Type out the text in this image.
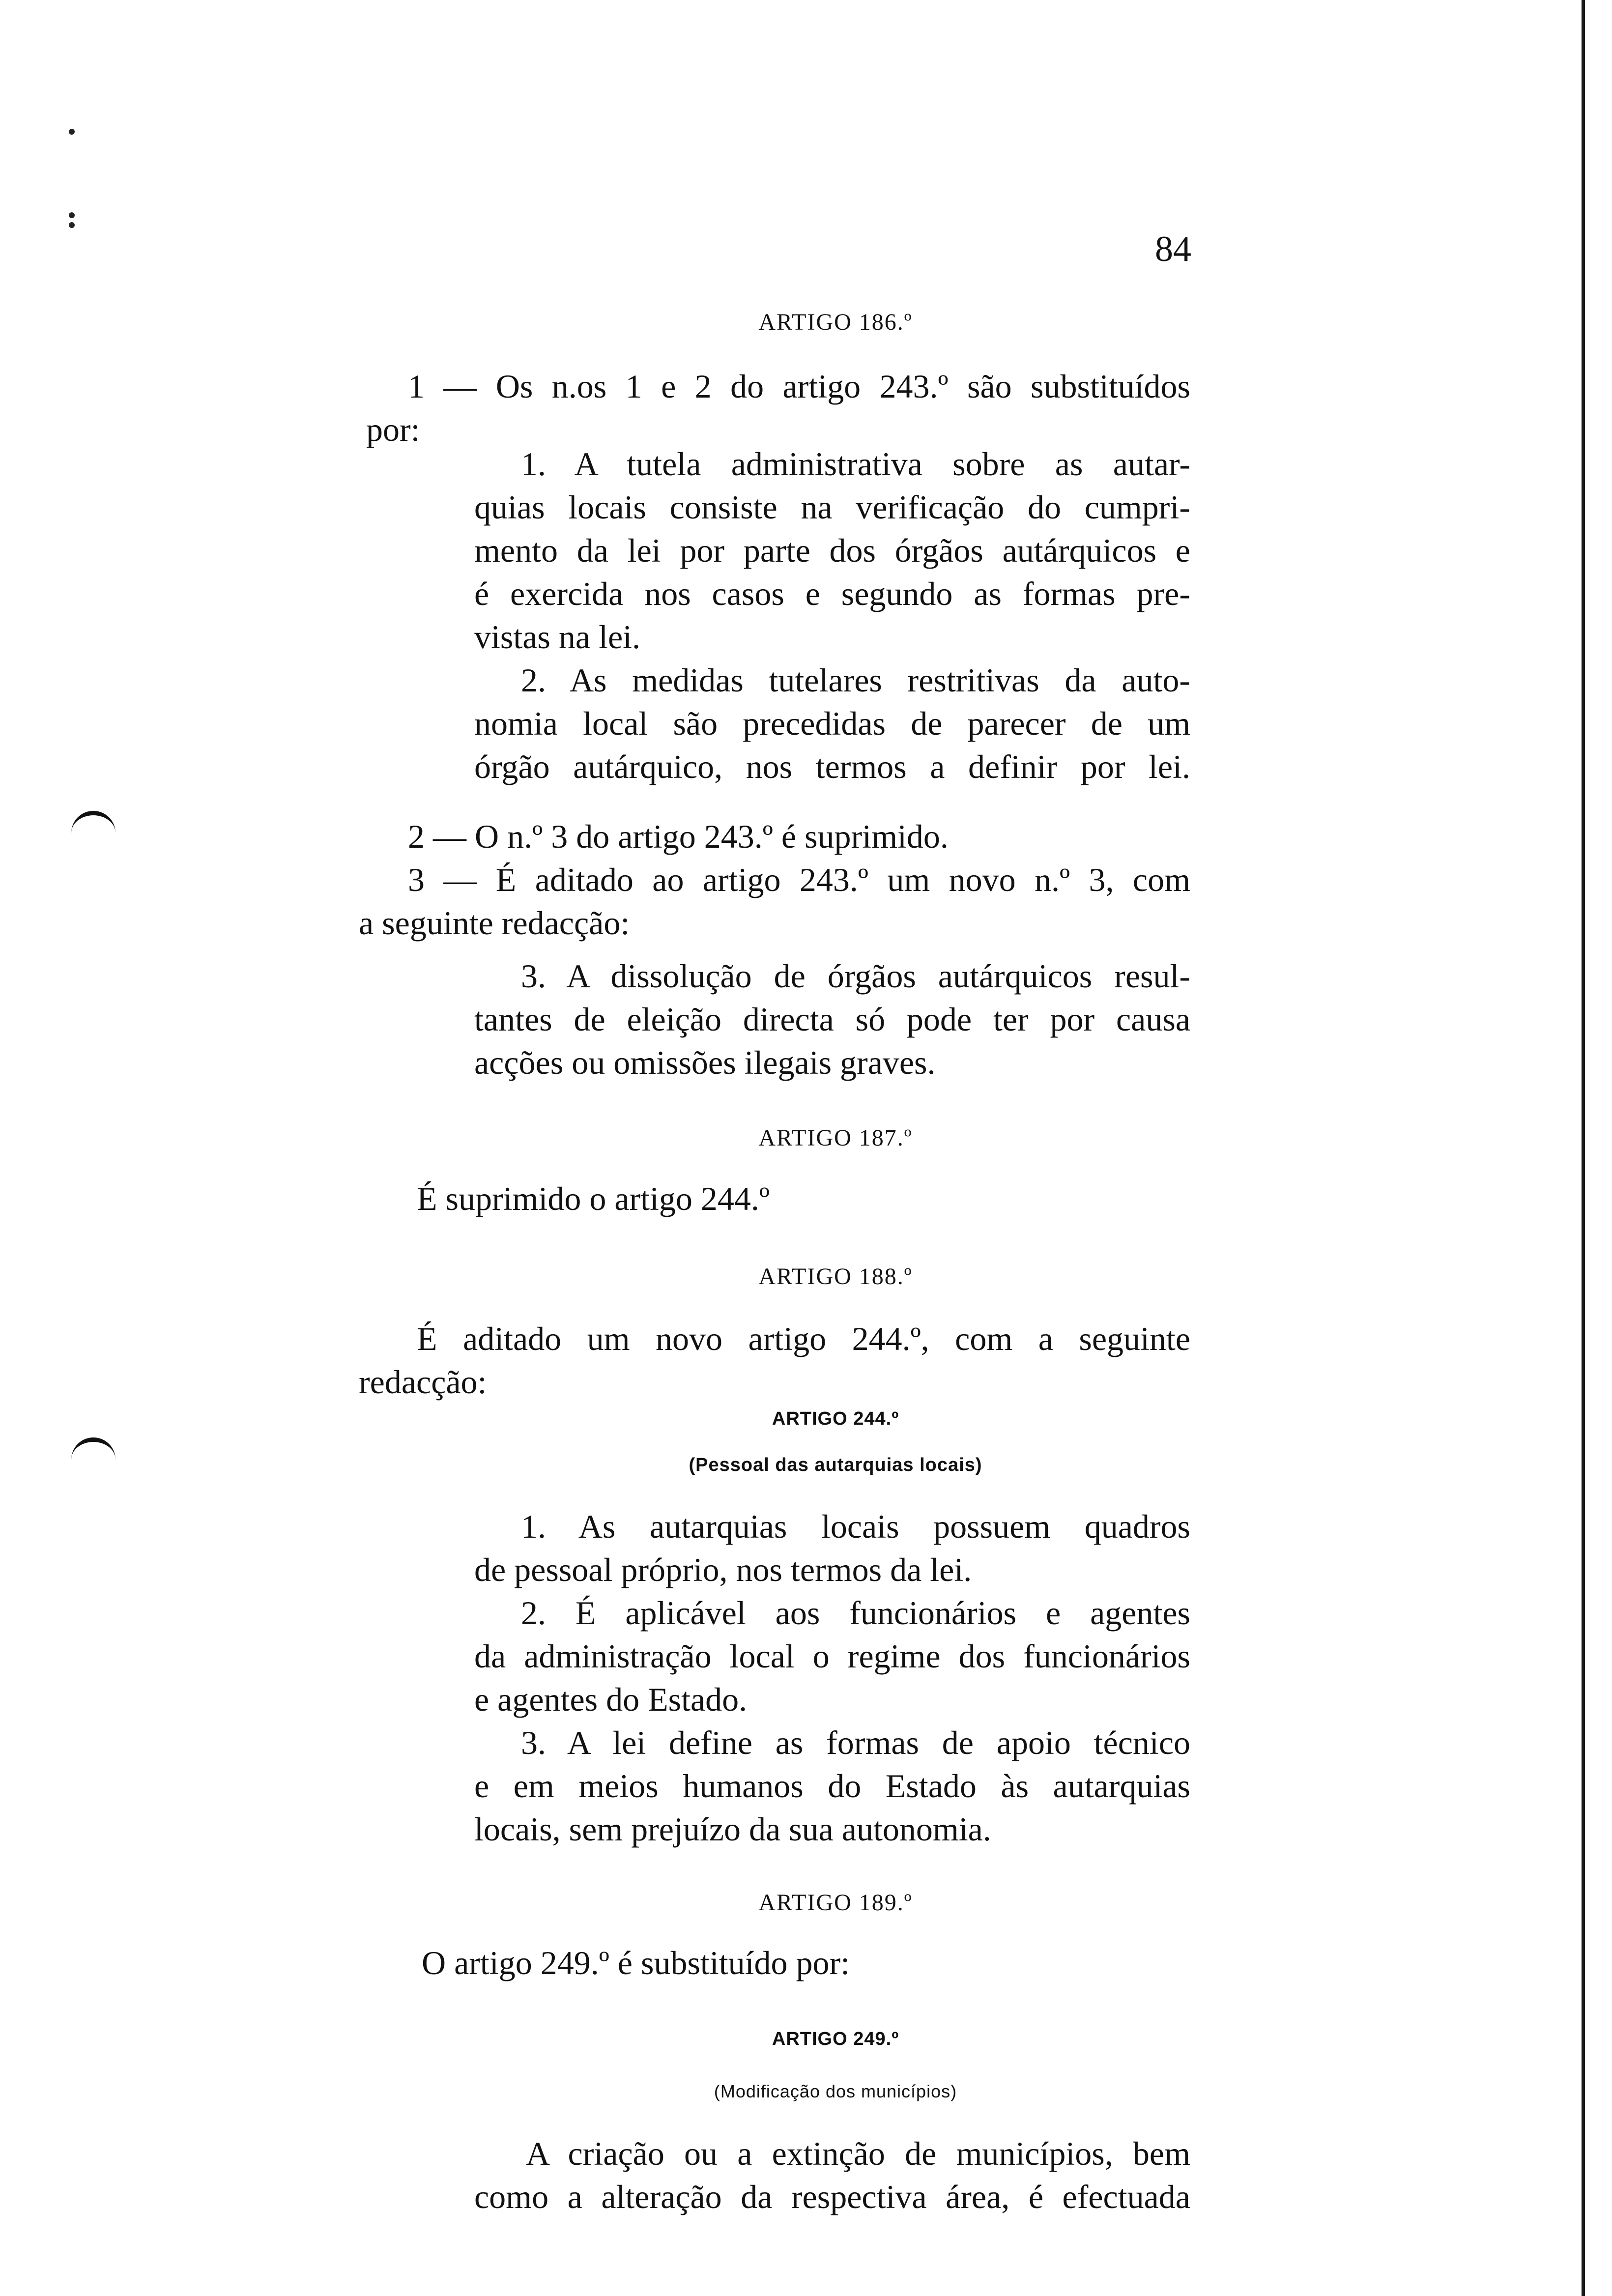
84
ARTIGO 186.º
1 — Os n.os 1 e 2 do artigo 243.º são substituídos
por:
1. A tutela administrativa sobre as autar-
quias locais consiste na verificação do cumpri-
mento da lei por parte dos órgãos autárquicos e
é exercida nos casos e segundo as formas pre-
vistas na lei.
2. As medidas tutelares restritivas da auto-
nomia local são precedidas de parecer de um
órgão autárquico, nos termos a definir por lei.
2 — O n.º 3 do artigo 243.º é suprimido.
3 — É aditado ao artigo 243.º um novo n.º 3, com
a seguinte redacção:
3. A dissolução de órgãos autárquicos resul-
tantes de eleição directa só pode ter por causa
acções ou omissões ilegais graves.
ARTIGO 187.º
É suprimido o artigo 244.º
ARTIGO 188.º
É aditado um novo artigo 244.º, com a seguinte
redacção:
ARTIGO 244.º
(Pessoal das autarquias locais)
1. As autarquias locais possuem quadros
de pessoal próprio, nos termos da lei.
2. É aplicável aos funcionários e agentes
da administração local o regime dos funcionários
e agentes do Estado.
3. A lei define as formas de apoio técnico
e em meios humanos do Estado às autarquias
locais, sem prejuízo da sua autonomia.
ARTIGO 189.º
O artigo 249.º é substituído por:
ARTIGO 249.º
(Modificação dos municípios)
A criação ou a extinção de municípios, bem
como a alteração da respectiva área, é efectuada
